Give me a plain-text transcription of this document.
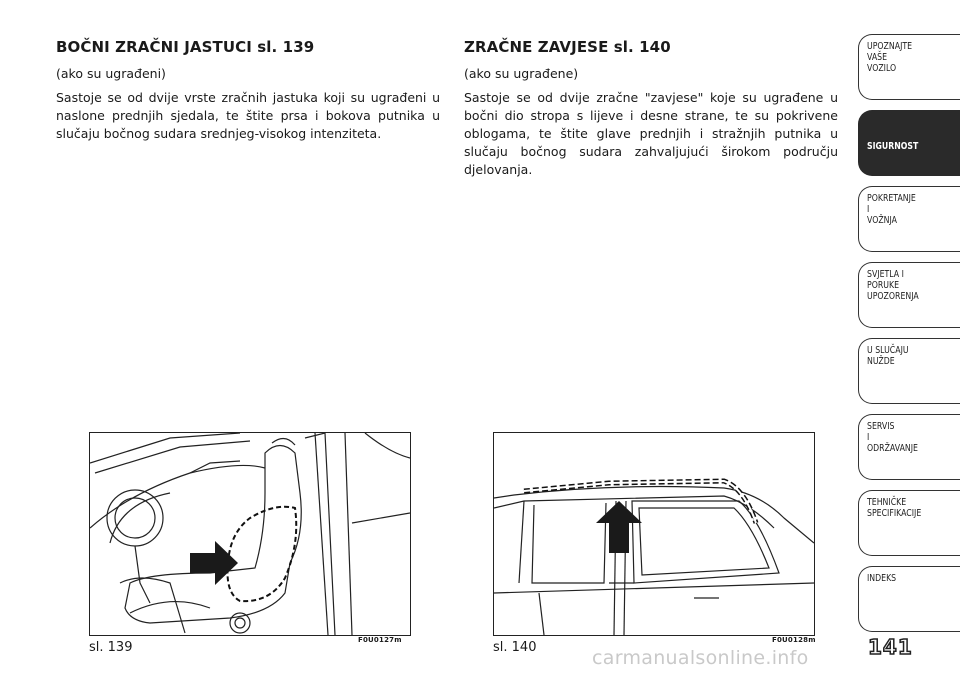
BOČNI ZRAČNI JASTUCI sl. 139
(ako su ugrađeni)

Sastoje se od dvije vrste zračnih jastuka koji su ugrađeni u naslone prednjih sjedala, te štite prsa i bokova putnika u slučaju bočnog sudara srednjeg-visokog intenziteta.

ZRAČNE ZAVJESE sl. 140
(ako su ugrađene)

Sastoje se od dvije zračne "zavjese" koje su ugrađene u bočni dio stropa s lijeve i desne strane, te su pokrivene oblogama, te štite glave prednjih i stražnjih putnika u slučaju bočnog sudara zahvaljujući širokom području djelovanja.

sl. 139	F0U0127m	sl. 140	F0U0128m
UPOZNAJTE
VAŠE
VOZILO
SIGURNOST
POKRETANJE
I
VOŽNJA
SVJETLA I
PORUKE
UPOZORENJA
U SLUČAJU
NUŽDE
SERVIS
I
ODRŽAVANJE
TEHNIČKE
SPECIFIKACIJE
INDEKS
141
carmanualsonline.info
